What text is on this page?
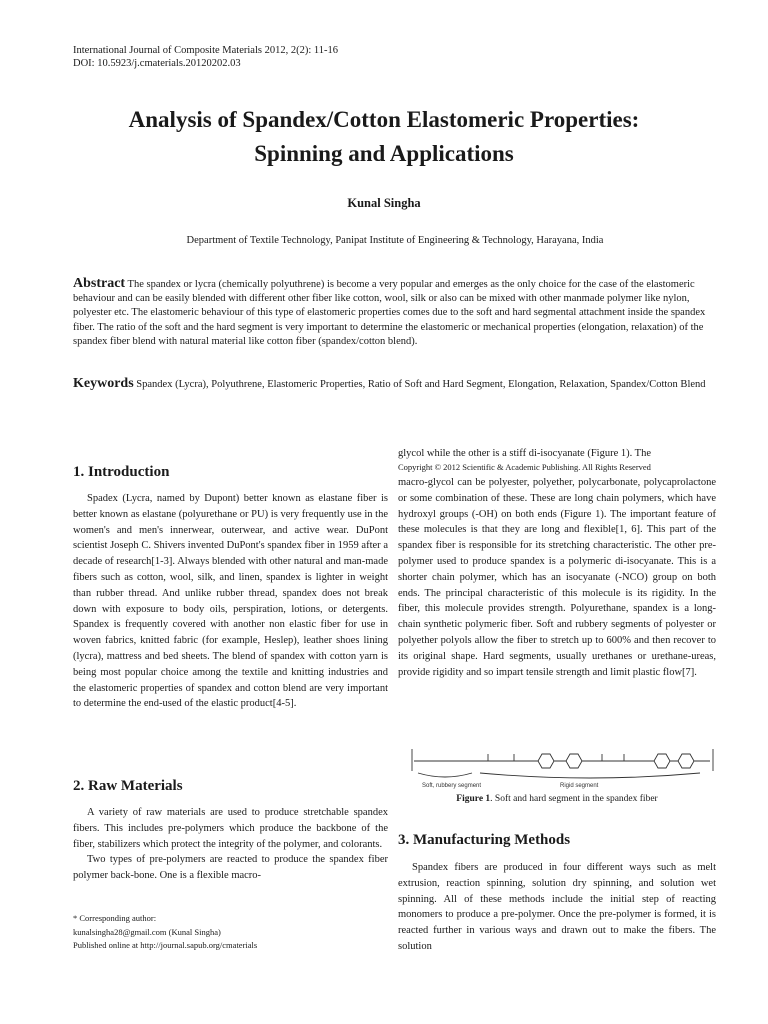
International Journal of Composite Materials 2012, 2(2): 11-16
DOI: 10.5923/j.cmaterials.20120202.03
Analysis of Spandex/Cotton Elastomeric Properties:
Spinning and Applications
Kunal Singha
Department of Textile Technology, Panipat Institute of Engineering & Technology, Harayana, India
Abstract The spandex or lycra (chemically polyuthrene) is become a very popular and emerges as the only choice for the case of the elastomeric behaviour and can be easily blended with different other fiber like cotton, wool, silk or also can be mixed with other manmade polymer like nylon, polyester etc. The elastomeric behaviour of this type of elastomeric properties comes due to the soft and hard segmental attachment inside the spandex fiber. The ratio of the soft and the hard segment is very important to determine the elastomeric or mechanical properties (elongation, relaxation) of the spandex fiber blend with natural material like cotton fiber (spandex/cotton blend).
Keywords Spandex (Lycra), Polyuthrene, Elastomeric Properties, Ratio of Soft and Hard Segment, Elongation, Relaxation, Spandex/Cotton Blend
1. Introduction

Spadex (Lycra, named by Dupont) better known as elastane fiber is better known as elastane (polyurethane or PU) is very frequently use in the women's and men's innerwear, outerwear, and active wear. DuPont scientist Joseph C. Shivers invented DuPont's spandex fiber in 1959 after a decade of research[1-3]. Always blended with other natural and man-made fibers such as cotton, wool, silk, and linen, spandex is lighter in weight than rubber thread. And unlike rubber thread, spandex does not break down with exposure to body oils, perspiration, lotions, or detergents. Spandex is frequently covered with another non elastic fiber for use in woven fabrics, knitted fabric (for example, Heslep), leather shoes lining (lycra), mattress and bed sheets. The blend of spandex with cotton yarn is being most popular choice among the textile and knitting industries and the elastomeric properties of spandex and cotton blend are very important to determine the end-used of the elastic product[4-5].

2. Raw Materials

A variety of raw materials are used to produce stretchable spandex fibers. This includes pre-polymers which produce the backbone of the fiber, stabilizers which protect the integrity of the polymer, and colorants.

Two types of pre-polymers are reacted to produce the spandex fiber polymer back-bone. One is a flexible macro-

* Corresponding author:
kunalsingha28@gmail.com (Kunal Singha)
Published online at http://journal.sapub.org/cmaterials
glycol while the other is a stiff di-isocyanate (Figure 1). The
Copyright © 2012 Scientific & Academic Publishing. All Rights Reserved

macro-glycol can be polyester, polyether, polycarbonate, polycaprolactone or some combination of these. These are long chain polymers, which have hydroxyl groups (-OH) on both ends (Figure 1). The important feature of these molecules is that they are long and flexible[1, 6]. This part of the spandex fiber is responsible for its stretching characteristic. The other pre-polymer used to produce spandex is a polymeric di-isocyanate. This is a shorter chain polymer, which has an isocyanate (-NCO) group on both ends. The principal characteristic of this molecule is its rigidity. In the fiber, this molecule provides strength. Polyurethane, spandex is a long-chain synthetic polymeric fiber. Soft and rubbery segments of polyester or polyether polyols allow the fiber to stretch up to 600% and then recover to its original shape. Hard segments, usually urethanes or urethane-ureas, provide rigidity and so impart tensile strength and limit plastic flow[7].

Soft, rubbery segment	Rigid segment
Figure 1. Soft and hard segment in the spandex fiber
3. Manufacturing Methods

Spandex fibers are produced in four different ways such as melt extrusion, reaction spinning, solution dry spinning, and solution wet spinning. All of these methods include the initial step of reacting monomers to produce a pre-polymer. Once the pre-polymer is formed, it is reacted further in various ways and drawn out to make the fibers. The solution
